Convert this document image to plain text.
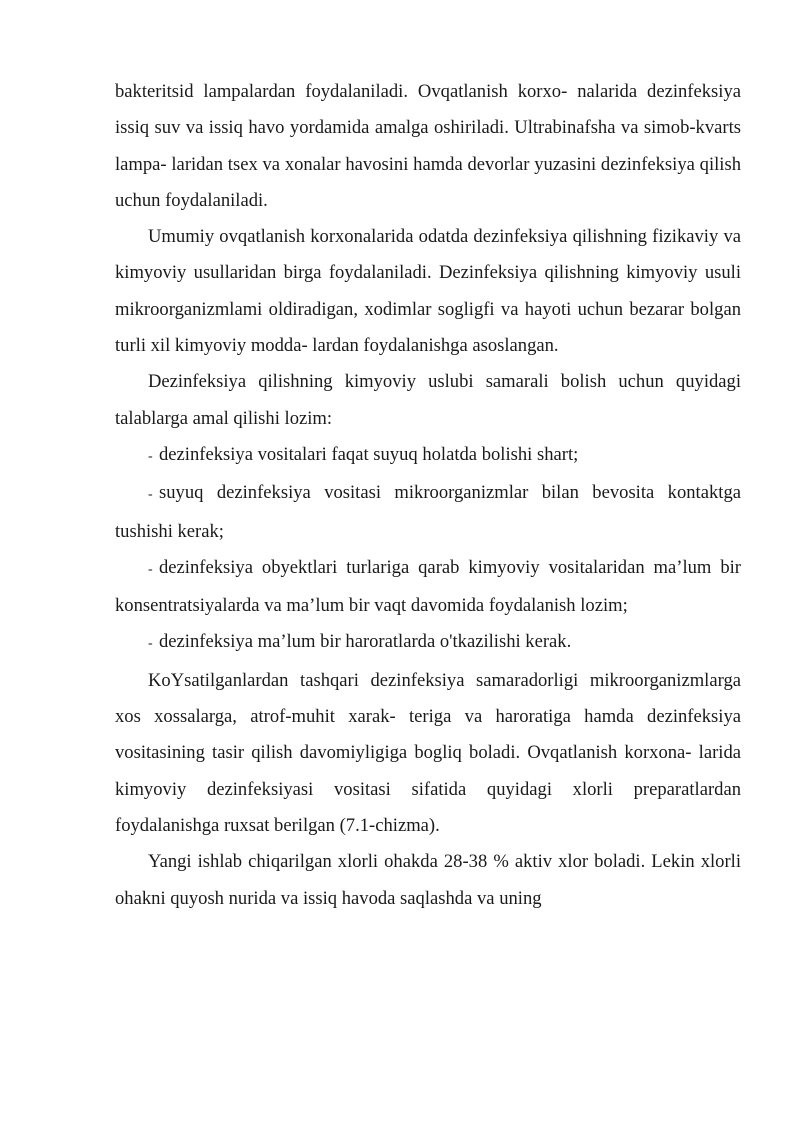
bakteritsid lampalardan foydalaniladi. Ovqatlanish korxo- nalarida dezinfeksiya issiq suv va issiq havo yordamida amalga oshiriladi. Ultrabinafsha va simob-kvarts lampa- laridan tsex va xonalar havosini hamda devorlar yuzasini dezinfeksiya qilish uchun foydalaniladi.

Umumiy ovqatlanish korxonalarida odatda dezinfeksiya qilishning fizikaviy va kimyoviy usullaridan birga foydalaniladi. Dezinfeksiya qilishning kimyoviy usuli mikroorganizmlami oldiradigan, xodimlar sogligfi va hayoti uchun bezarar bolgan turli xil kimyoviy modda- lardan foydalanishga asoslangan.

Dezinfeksiya qilishning kimyoviy uslubi samarali bolish uchun quyidagi talablarga amal qilishi lozim:

- dezinfeksiya vositalari faqat suyuq holatda bolishi shart;

- suyuq dezinfeksiya vositasi mikroorganizmlar bilan bevosita kontaktga tushishi kerak;

- dezinfeksiya obyektlari turlariga qarab kimyoviy vositalaridan ma’lum bir konsentratsiyalarda va ma’lum bir vaqt davomida foydalanish lozim;

- dezinfeksiya ma’lum bir haroratlarda o'tkazilishi kerak.

KoYsatilganlardan tashqari dezinfeksiya samaradorligi mikroorganizmlarga xos xossalarga, atrof-muhit xarak- teriga va haroratiga hamda dezinfeksiya vositasining tasir qilish davomiyligiga bogliq boladi. Ovqatlanish korxona- larida kimyoviy dezinfeksiyasi vositasi sifatida quyidagi xlorli preparatlardan foydalanishga ruxsat berilgan (7.1-chizma).

Yangi ishlab chiqarilgan xlorli ohakda 28-38 % aktiv xlor boladi. Lekin xlorli ohakni quyosh nurida va issiq havoda saqlashda va uning
